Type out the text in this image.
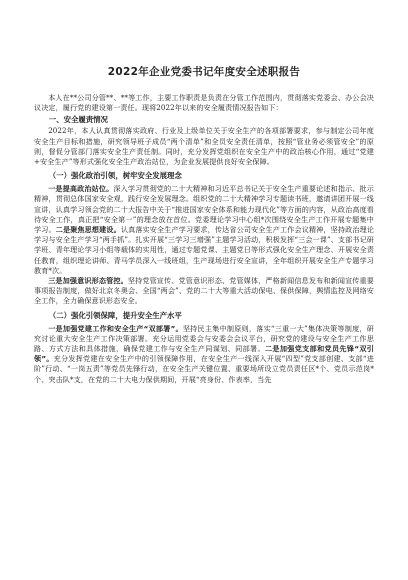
2022年企业党委书记年度安全述职报告

本人在**公司分管**、**等工作，主要工作职责是负责在分管工作范围内，贯彻落实党委会、办公会决议决定，履行党的建设第一责任。现将2022年以来的安全履责情况报告如下：

一、安全履责情况

2022年，本人认真贯彻落实政府、行业及上级单位关于安全生产的各项部署要求，参与制定公司年度安全生产目标和措施，研究领导班子成员“两个清单”和全员安全责任清单，按照“管业务必须管安全”的原则，督促分管部门落实安全生产责任制。同时，充分发挥党组织在安全生产中的政治核心作用，通过“党建+安全生产”等形式强化安全生产政治站位，为企业发展提供良好安全保障。

（一）强化政治引领，树牢安全发展理念

一是提高政治站位。深入学习贯彻党的二十大精神和习近平总书记关于安全生产重要论述和指示、批示精神，贯彻总体国家安全观，践行安全发展理念。组织党的二十大精神学习专题读书班，邀请讲团开展一线宣讲，认真学习领会党的二十大报告中关于“推进国家安全体系和能力现代化”等方面的内容，从政治高度看待安全工作，真正把“安全第一”的理念放在首位。党委理论学习中心组*次围绕安全生产工作开展专题集中学习。二是聚焦思想建设。认真落实安全生产学习要求，传达省公司安全生产工作会议精神，坚持政治理论学习与安全生产学习“两手抓”。扎实开展“三学习三增强”主题学习活动，积极发挥“三会一课”、支部书记研学班、青年理论学习小组等载体的实用性，通过专题党课、主题党日等形式强化安全生产理念、开展安全责任教育，组织理论讲师、青马学员深入一线班组，生产现场进行安全宣讲，全年组织开展安全生产专题学习教育*次。

三是加强意识形态管控。坚持党管宣传、党管意识形态、党管媒体，严格新闻信息发布和新闻宣传重要事项报告制度，做好北京冬奥会、全国“两会”、党的二十大等重大活动保电、保供保障，舆情监控及网络安全工作，全力确保意识形态安全。

（二）强化引领保障，提升安全生产水平

一是加强党建工作和安全生产“双部署”。坚持民主集中制原则，落实“三重一大”集体决策等制度，研究讨论重大安全生产工作决策部署。充分运用党委会与安委会会议平台，研究党的建设与安全生产工作思路、方式方法和具体措施，确保党建工作与安全生产同谋划、同部署。二是加强党支部和党员先锋“双引领”。充分发挥党建在安全生产中的引领保障作用，在安全生产一线深入开展“四型”党支部创建、支部“进阶”行动、“一岗五责”等党员先锋行动，在安全生产关键位置、重要场所设立党员责任区*个、党员示范岗*个、突击队*支，在党的二十大电力保供期间，开展“亮身份、作表率，当先
